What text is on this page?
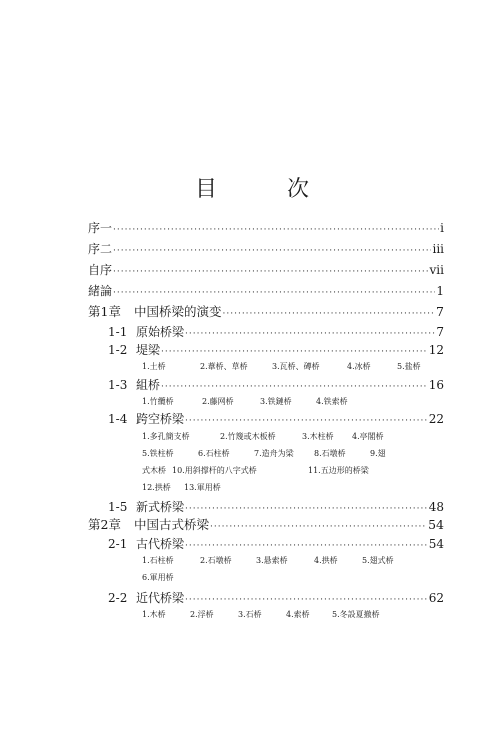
目　次
序一 ·····	i
序二 ·····	iii
自序 ·····	vii
緒論 ·····	1
第1章	中国桥梁的演变 ·····	7
1-1 原始桥梁 ·····	7
1-2 堤梁 ·····	12
1.土桥	2.葦桥、草桥	3.瓦桥、磚桥	4.冰桥	5.盐桥
1-3 組桥 ·····	16
1.竹纜桥	2.藤网桥	3.铁鏈桥	4.铁索桥
1-4 跨空桥梁 ·····	22
1.多孔簡支桥	2.竹篾或木板桥	3.木柱桥 4.亭閣桥
5.铁柱桥	6.石柱桥	7.造舟为梁	8.石墩桥	9.翅
式木桥 10.用斜撑杆的八字式桥	11.五边形的桥梁
12.拱桥 13.軍用桥
1-5 新式桥梁 ·····	48
第2章	中国古式桥梁 ·····	54
2-1 古代桥梁 ·····	54
1.石柱桥	2.石墩桥	3.悬索桥	4.拱桥	5.翅式桥
6.軍用桥
2-2 近代桥梁 ·····	62
1.木桥	2.浮桥	3.石桥	4.索桥	5.冬設夏撤桥
